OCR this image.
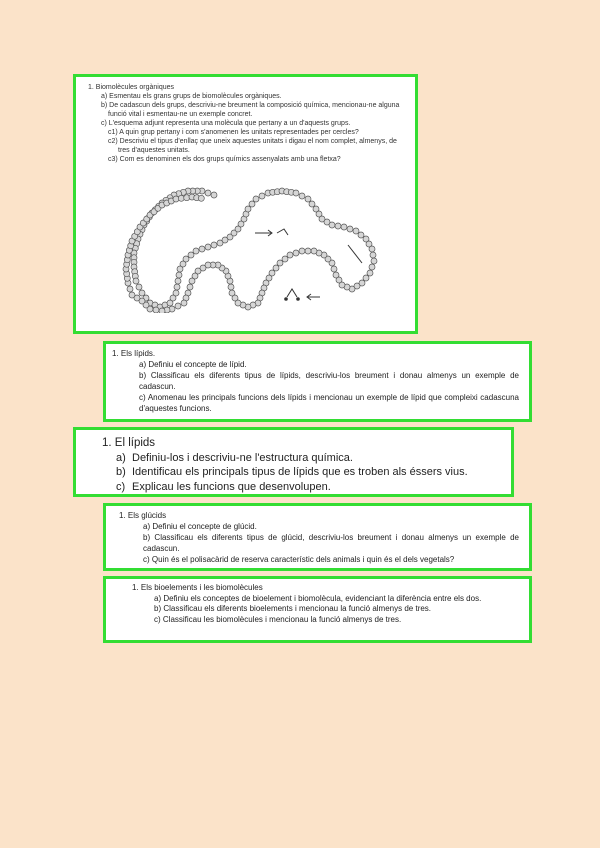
1. Biomolècules orgàniques

a) Esmentau els grans grups de biomolècules orgàniques.

b) De cadascun dels grups, descriviu-ne breument la composició química, mencionau-ne alguna funció vital i esmentau-ne un exemple concret.

c) L'esquema adjunt representa una molècula que pertany a un d'aquests grups.

c1) A quin grup pertany i com s'anomenen les unitats representades per cercles?

c2) Descriviu el tipus d'enllaç que uneix aquestes unitats i digau el nom complet, almenys, de tres d'aquestes unitats.

c3) Com es denominen els dos grups químics assenyalats amb una fletxa?

1. Els lípids.
a) Definiu el concepte de lípid.
b) Classificau els diferents tipus de lípids, descriviu-los breument i donau almenys un exemple de cadascun.
c) Anomenau les principals funcions dels lípids i mencionau un exemple de lípid que compleixi cadascuna d'aquestes funcions.
1. El lípids
a) Definiu-los i descriviu-ne l'estructura química.
b) Identificau els principals tipus de lípids que es troben als éssers vius.
c) Explicau les funcions que desenvolupen.
1. Els glúcids
a) Definiu el concepte de glúcid.
b) Classificau els diferents tipus de glúcid, descriviu-los breument i donau almenys un exemple de cadascun.
c) Quin és el polisacàrid de reserva característic dels animals i quin és el dels vegetals?
1. Els bioelements i les biomolècules
a) Definiu els conceptes de bioelement i biomolècula, evidenciant la diferència entre els dos.
b) Classificau els diferents bioelements i mencionau la funció almenys de tres.
c) Classificau les biomolècules i mencionau la funció almenys de tres.
